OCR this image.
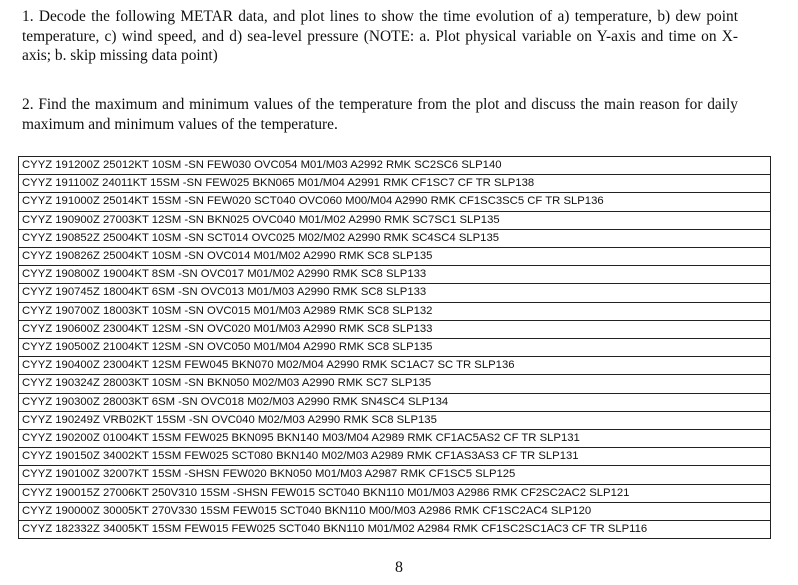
1. Decode the following METAR data, and plot lines to show the time evolution of a) temperature, b) dew point temperature, c) wind speed, and d) sea-level pressure (NOTE: a. Plot physical variable on Y-axis and time on X-axis; b. skip missing data point)

2. Find the maximum and minimum values of the temperature from the plot and discuss the main reason for daily maximum and minimum values of the temperature.

CYYZ 191200Z 25012KT 10SM -SN FEW030 OVC054 M01/M03 A2992 RMK SC2SC6 SLP140
CYYZ 191100Z 24011KT 15SM -SN FEW025 BKN065 M01/M04 A2991 RMK CF1SC7 CF TR SLP138
CYYZ 191000Z 25014KT 15SM -SN FEW020 SCT040 OVC060 M00/M04 A2990 RMK CF1SC3SC5 CF TR SLP136
CYYZ 190900Z 27003KT 12SM -SN BKN025 OVC040 M01/M02 A2990 RMK SC7SC1 SLP135
CYYZ 190852Z 25004KT 10SM -SN SCT014 OVC025 M02/M02 A2990 RMK SC4SC4 SLP135
CYYZ 190826Z 25004KT 10SM -SN OVC014 M01/M02 A2990 RMK SC8 SLP135
CYYZ 190800Z 19004KT 8SM -SN OVC017 M01/M02 A2990 RMK SC8 SLP133
CYYZ 190745Z 18004KT 6SM -SN OVC013 M01/M03 A2990 RMK SC8 SLP133
CYYZ 190700Z 18003KT 10SM -SN OVC015 M01/M03 A2989 RMK SC8 SLP132
CYYZ 190600Z 23004KT 12SM -SN OVC020 M01/M03 A2990 RMK SC8 SLP133
CYYZ 190500Z 21004KT 12SM -SN OVC050 M01/M04 A2990 RMK SC8 SLP135
CYYZ 190400Z 23004KT 12SM FEW045 BKN070 M02/M04 A2990 RMK SC1AC7 SC TR SLP136
CYYZ 190324Z 28003KT 10SM -SN BKN050 M02/M03 A2990 RMK SC7 SLP135
CYYZ 190300Z 28003KT 6SM -SN OVC018 M02/M03 A2990 RMK SN4SC4 SLP134
CYYZ 190249Z VRB02KT 15SM -SN OVC040 M02/M03 A2990 RMK SC8 SLP135
CYYZ 190200Z 01004KT 15SM FEW025 BKN095 BKN140 M03/M04 A2989 RMK CF1AC5AS2 CF TR SLP131
CYYZ 190150Z 34002KT 15SM FEW025 SCT080 BKN140 M02/M03 A2989 RMK CF1AS3AS3 CF TR SLP131
CYYZ 190100Z 32007KT 15SM -SHSN FEW020 BKN050 M01/M03 A2987 RMK CF1SC5 SLP125
CYYZ 190015Z 27006KT 250V310 15SM -SHSN FEW015 SCT040 BKN110 M01/M03 A2986 RMK CF2SC2AC2 SLP121
CYYZ 190000Z 30005KT 270V330 15SM FEW015 SCT040 BKN110 M00/M03 A2986 RMK CF1SC2AC4 SLP120
CYYZ 182332Z 34005KT 15SM FEW015 FEW025 SCT040 BKN110 M01/M02 A2984 RMK CF1SC2SC1AC3 CF TR SLP116
8
